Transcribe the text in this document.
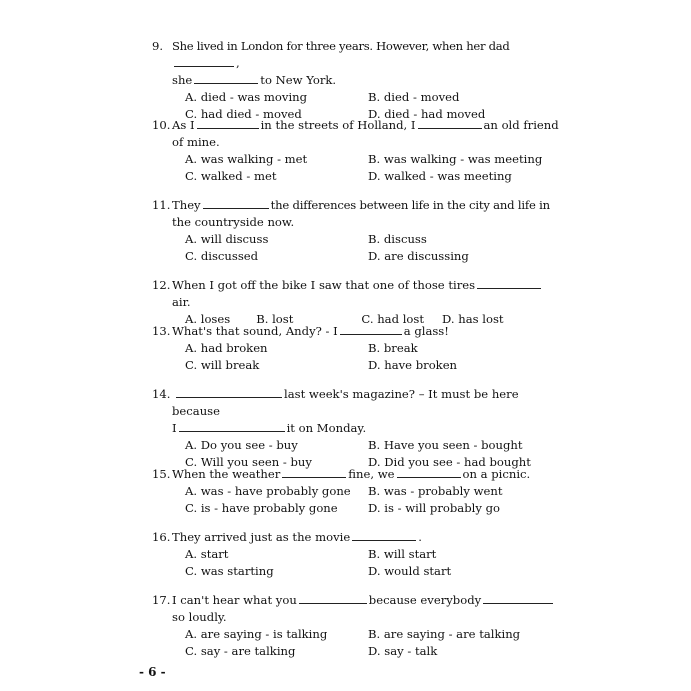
9. She lived in London for three years. However, when her dad,
she	to New York.
A. died - was moving	B. died - moved
C. had died - moved	D. died - had moved
10. As I	in the streets of Holland, I	an old friend
of mine.
A. was walking - met	B. was walking - was meeting
C. walked - met	D. walked - was meeting
11. They	the differences between life in the city and life in
the countryside now.
A. will discuss	B. discuss
C. discussed	D. are discussing
12. When I got off the bike I saw that one of those tiresair.
A. loses B. lost	C. had lost D. has lost
13. What's that sound, Andy? - I	a glass!
A. had broken	B. break
C. will break	D. have broken
14.	last week's magazine? – It must be here because
I	it on Monday.
A. Do you see - buy	B. Have you seen - bought
C. Will you seen - buy	D. Did you see - had bought
15. When the weather	fine, we	on a picnic.
A. was - have probably gone	B. was - probably went
C. is - have probably gone	D. is - will probably go
16. They arrived just as the movie	.
A. start	B. will start
C. was starting	D. would start
17. I can't hear what you	because everybody
so loudly.
A. are saying - is talking	B. are saying - are talking
C. say - are talking	D. say - talk
- 6 -
